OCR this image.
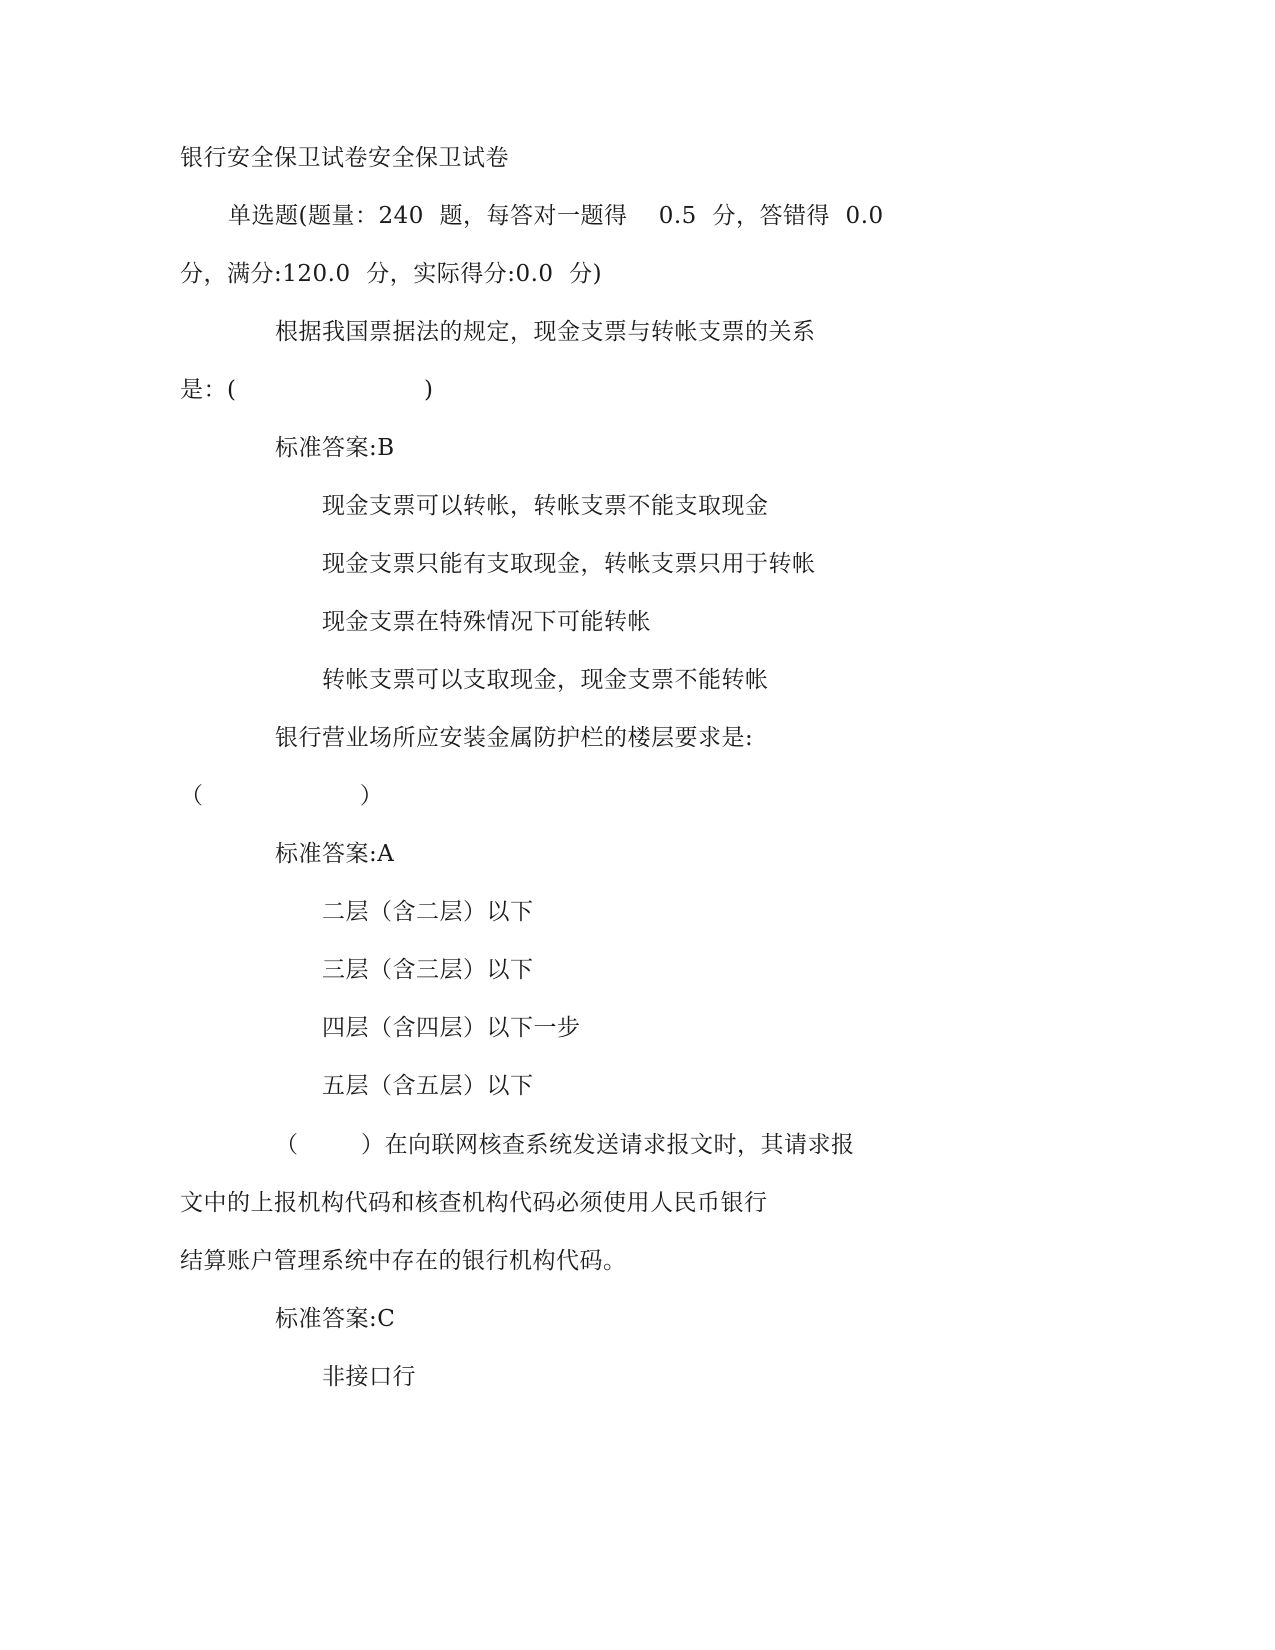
银行安全保卫试卷安全保卫试卷
单选题(题量：240  题，每答对一题得    0.5  分，答错得  0.0
分，满分:120.0  分，实际得分:0.0  分)
根据我国票据法的规定，现金支票与转帐支票的关系
是：(                        )
标准答案:B
现金支票可以转帐，转帐支票不能支取现金
现金支票只能有支取现金，转帐支票只用于转帐
现金支票在特殊情况下可能转帐
转帐支票可以支取现金，现金支票不能转帐
银行营业场所应安装金属防护栏的楼层要求是:
（                    ）
标准答案:A
二层（含二层）以下
三层（含三层）以下
四层（含四层）以下一步
五层（含五层）以下
（        ）在向联网核查系统发送请求报文时，其请求报
文中的上报机构代码和核查机构代码必须使用人民币银行
结算账户管理系统中存在的银行机构代码。
标准答案:C
非接口行
